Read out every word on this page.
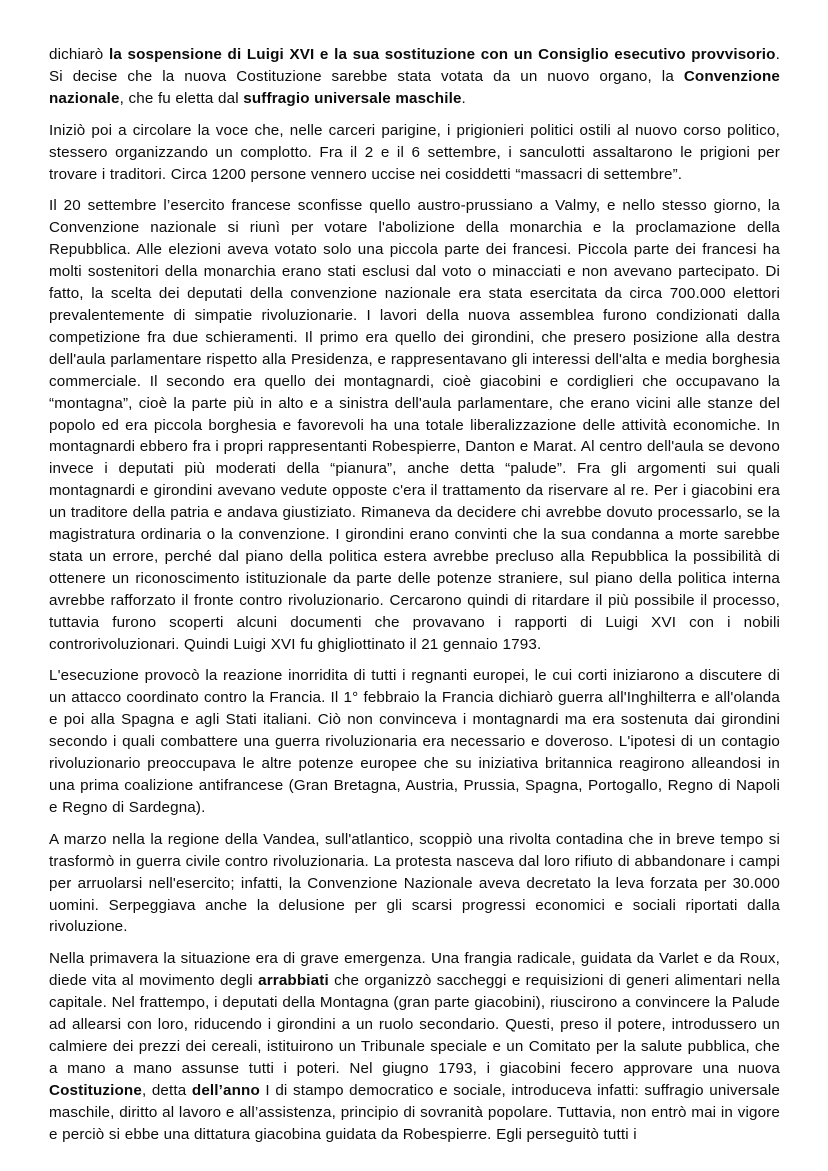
dichiarò la sospensione di Luigi XVI e la sua sostituzione con un Consiglio esecutivo provvisorio. Si decise che la nuova Costituzione sarebbe stata votata da un nuovo organo, la Convenzione nazionale, che fu eletta dal suffragio universale maschile.

Iniziò poi a circolare la voce che, nelle carceri parigine, i prigionieri politici ostili al nuovo corso politico, stessero organizzando un complotto. Fra il 2 e il 6 settembre, i sanculotti assaltarono le prigioni per trovare i traditori. Circa 1200 persone vennero uccise nei cosiddetti “massacri di settembre”.

Il 20 settembre l’esercito francese sconfisse quello austro-prussiano a Valmy, e nello stesso giorno, la Convenzione nazionale si riunì per votare l'abolizione della monarchia e la proclamazione della Repubblica. Alle elezioni aveva votato solo una piccola parte dei francesi. Piccola parte dei francesi ha molti sostenitori della monarchia erano stati esclusi dal voto o minacciati e non avevano partecipato. Di fatto, la scelta dei deputati della convenzione nazionale era stata esercitata da circa 700.000 elettori prevalentemente di simpatie rivoluzionarie. I lavori della nuova assemblea furono condizionati dalla competizione fra due schieramenti. Il primo era quello dei girondini, che presero posizione alla destra dell'aula parlamentare rispetto alla Presidenza, e rappresentavano gli interessi dell'alta e media borghesia commerciale. Il secondo era quello dei montagnardi, cioè giacobini e cordiglieri che occupavano la “montagna”, cioè la parte più in alto e a sinistra dell'aula parlamentare, che erano vicini alle stanze del popolo ed era piccola borghesia e favorevoli ha una totale liberalizzazione delle attività economiche. In montagnardi ebbero fra i propri rappresentanti Robespierre, Danton e Marat. Al centro dell'aula se devono invece i deputati più moderati della “pianura”, anche detta “palude”. Fra gli argomenti sui quali montagnardi e girondini avevano vedute opposte c'era il trattamento da riservare al re. Per i giacobini era un traditore della patria e andava giustiziato. Rimaneva da decidere chi avrebbe dovuto processarlo, se la magistratura ordinaria o la convenzione. I girondini erano convinti che la sua condanna a morte sarebbe stata un errore, perché dal piano della politica estera avrebbe precluso alla Repubblica la possibilità di ottenere un riconoscimento istituzionale da parte delle potenze straniere, sul piano della politica interna avrebbe rafforzato il fronte contro rivoluzionario. Cercarono quindi di ritardare il più possibile il processo, tuttavia furono scoperti alcuni documenti che provavano i rapporti di Luigi XVI con i nobili controrivoluzionari. Quindi Luigi XVI fu ghigliottinato il 21 gennaio 1793.

L'esecuzione provocò la reazione inorridita di tutti i regnanti europei, le cui corti iniziarono a discutere di un attacco coordinato contro la Francia. Il 1° febbraio la Francia dichiarò guerra all'Inghilterra e all'olanda e poi alla Spagna e agli Stati italiani. Ciò non convinceva i montagnardi ma era sostenuta dai girondini secondo i quali combattere una guerra rivoluzionaria era necessario e doveroso. L'ipotesi di un contagio rivoluzionario preoccupava le altre potenze europee che su iniziativa britannica reagirono alleandosi in una prima coalizione antifrancese (Gran Bretagna, Austria, Prussia, Spagna, Portogallo, Regno di Napoli e Regno di Sardegna).

A marzo nella la regione della Vandea, sull'atlantico, scoppiò una rivolta contadina che in breve tempo si trasformò in guerra civile contro rivoluzionaria. La protesta nasceva dal loro rifiuto di abbandonare i campi per arruolarsi nell'esercito; infatti, la Convenzione Nazionale aveva decretato la leva forzata per 30.000 uomini. Serpeggiava anche la delusione per gli scarsi progressi economici e sociali riportati dalla rivoluzione.

Nella primavera la situazione era di grave emergenza. Una frangia radicale, guidata da Varlet e da Roux, diede vita al movimento degli arrabbiati che organizzò saccheggi e requisizioni di generi alimentari nella capitale. Nel frattempo, i deputati della Montagna (gran parte giacobini), riuscirono a convincere la Palude ad allearsi con loro, riducendo i girondini a un ruolo secondario. Questi, preso il potere, introdussero un calmiere dei prezzi dei cereali, istituirono un Tribunale speciale e un Comitato per la salute pubblica, che a mano a mano assunse tutti i poteri. Nel giugno 1793, i giacobini fecero approvare una nuova Costituzione, detta dell’anno I di stampo democratico e sociale, introduceva infatti: suffragio universale maschile, diritto al lavoro e all’assistenza, principio di sovranità popolare. Tuttavia, non entrò mai in vigore e perciò si ebbe una dittatura giacobina guidata da Robespierre. Egli perseguitò tutti i
